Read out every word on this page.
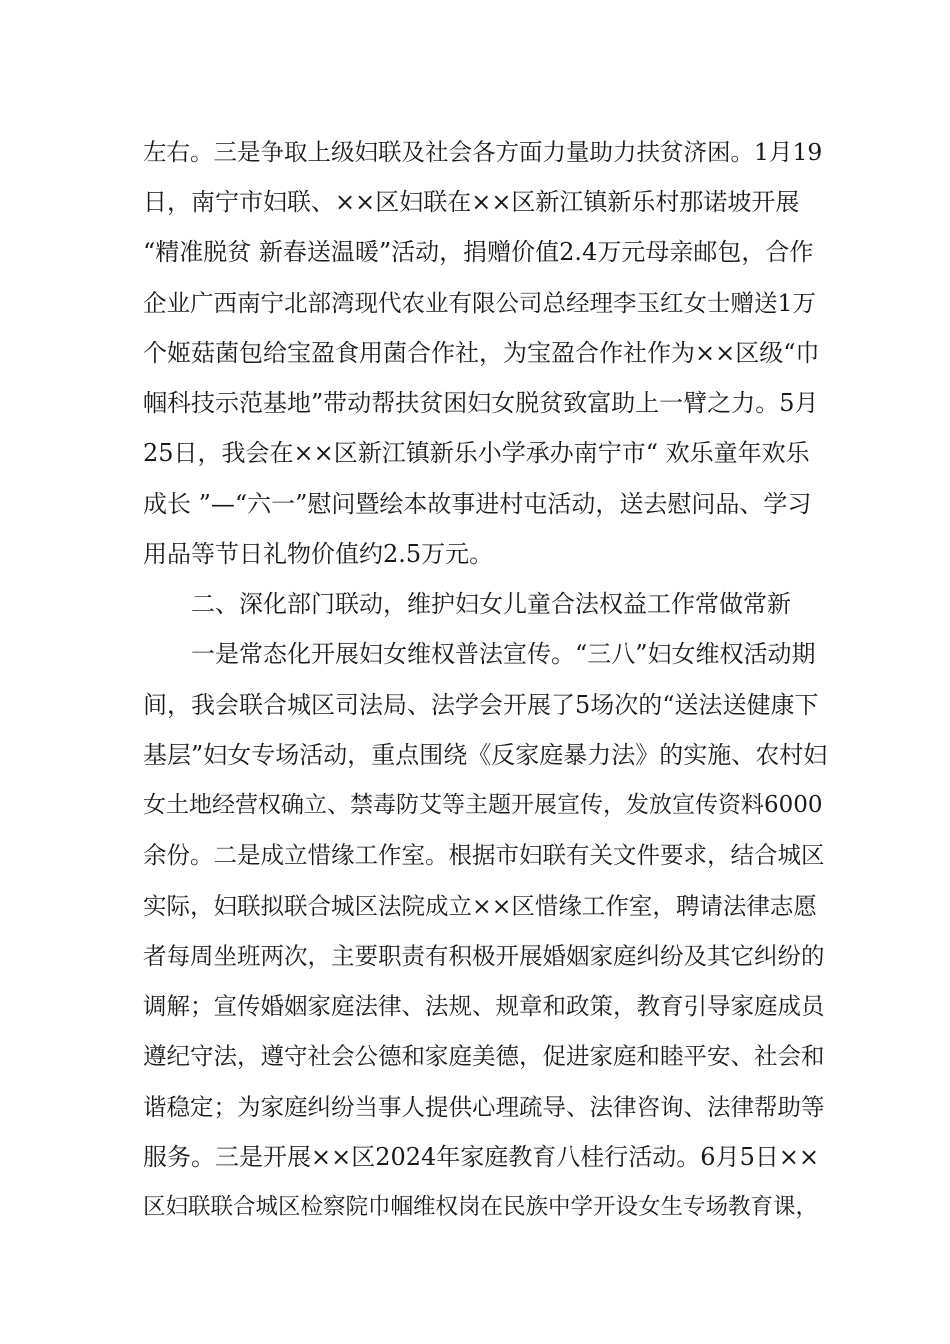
左右。三是争取上级妇联及社会各方面力量助力扶贫济困。1月19
日，南宁市妇联、××区妇联在××区新江镇新乐村那诺坡开展
“精准脱贫 新春送温暖”活动，捐赠价值2.4万元母亲邮包，合作
企业广西南宁北部湾现代农业有限公司总经理李玉红女士赠送1万
个姬菇菌包给宝盈食用菌合作社，为宝盈合作社作为××区级“巾
帼科技示范基地”带动帮扶贫困妇女脱贫致富助上一臂之力。5月
25日，我会在××区新江镇新乐小学承办南宁市“ 欢乐童年欢乐
成长 ”—“六一”慰问暨绘本故事进村屯活动，送去慰问品、学习
用品等节日礼物价值约2.5万元。
二、深化部门联动，维护妇女儿童合法权益工作常做常新
一是常态化开展妇女维权普法宣传。“三八”妇女维权活动期
间，我会联合城区司法局、法学会开展了5场次的“送法送健康下
基层”妇女专场活动，重点围绕《反家庭暴力法》的实施、农村妇
女土地经营权确立、禁毒防艾等主题开展宣传，发放宣传资料6000
余份。二是成立惜缘工作室。根据市妇联有关文件要求，结合城区
实际，妇联拟联合城区法院成立××区惜缘工作室，聘请法律志愿
者每周坐班两次，主要职责有积极开展婚姻家庭纠纷及其它纠纷的
调解；宣传婚姻家庭法律、法规、规章和政策，教育引导家庭成员
遵纪守法，遵守社会公德和家庭美德，促进家庭和睦平安、社会和
谐稳定；为家庭纠纷当事人提供心理疏导、法律咨询、法律帮助等
服务。三是开展××区2024年家庭教育八桂行活动。6月5日××
区妇联联合城区检察院巾帼维权岗在民族中学开设女生专场教育课，
